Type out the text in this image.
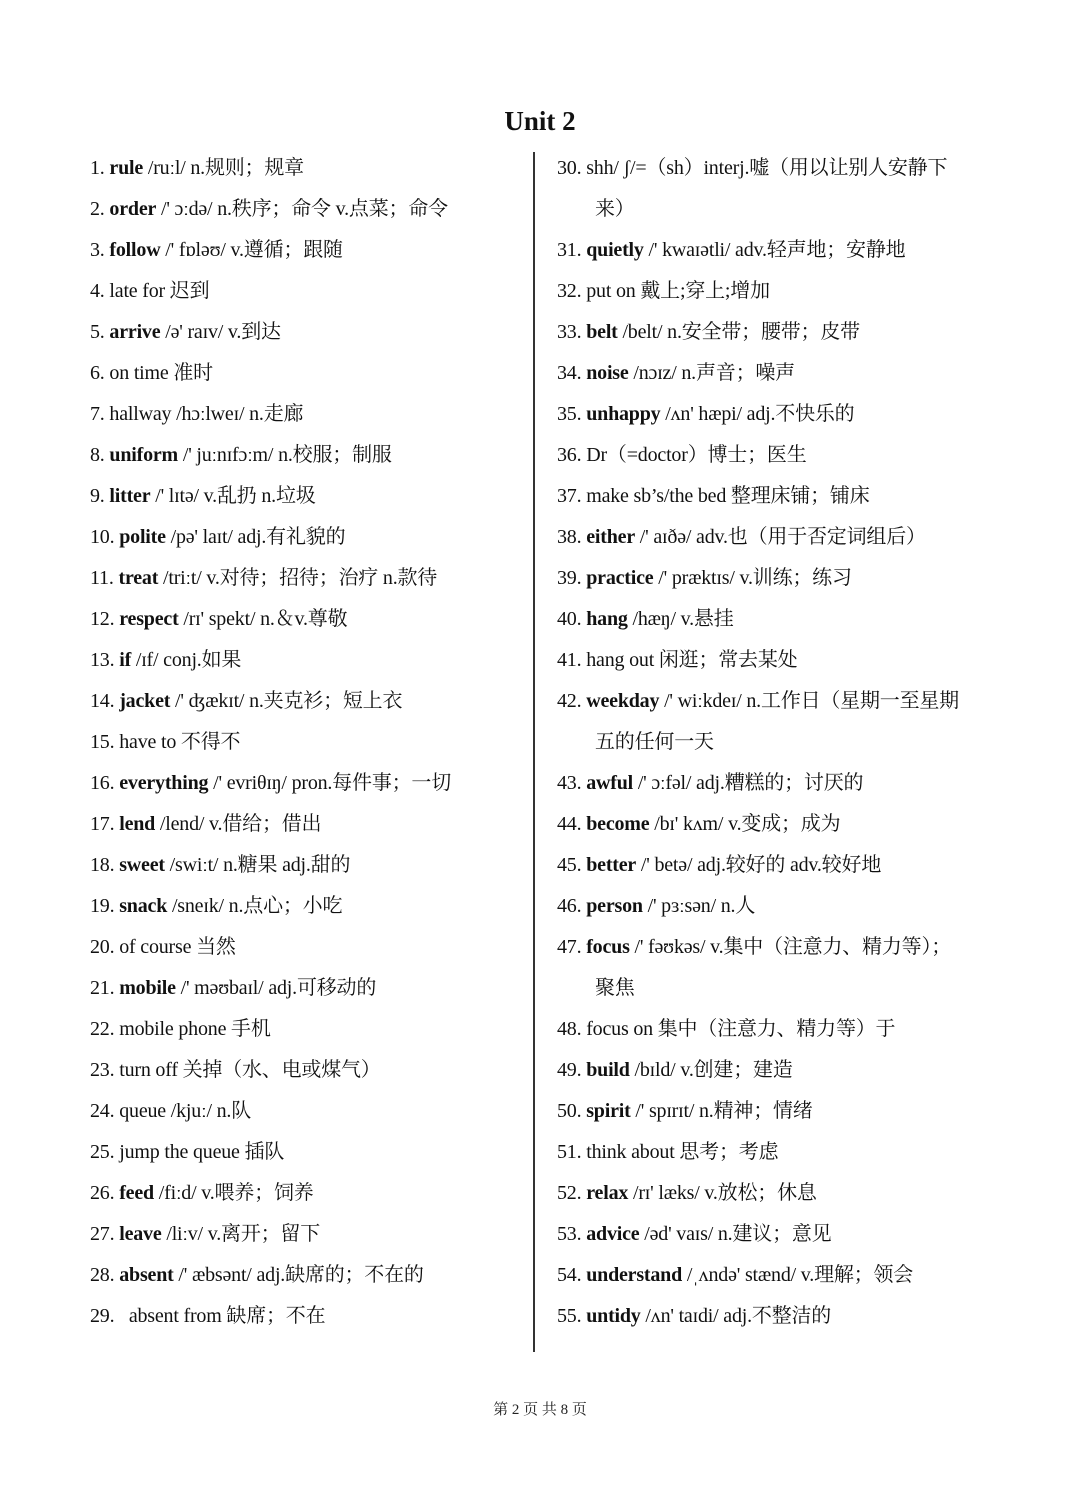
Unit 2
1. rule /ruːl/ n.规则；规章
2. order /' ɔːdə/ n.秩序；命令 v.点菜；命令
3. follow /' fɒləʊ/ v.遵循；跟随
4. late for 迟到
5. arrive /ə' raɪv/ v.到达
6. on time 准时
7. hallway /hɔːlweɪ/ n.走廊
8. uniform /' juːnɪfɔːm/ n.校服；制服
9. litter /' lɪtə/ v.乱扔 n.垃圾
10. polite /pə' laɪt/ adj.有礼貌的
11. treat /triːt/ v.对待；招待；治疗 n.款待
12. respect /rɪ' spekt/ n.＆v.尊敬
13. if /ɪf/ conj.如果
14. jacket /' ʤækɪt/ n.夹克衫；短上衣
15. have to 不得不
16. everything /' evriθɪŋ/ pron.每件事；一切
17. lend /lend/ v.借给；借出
18. sweet /swiːt/ n.糖果 adj.甜的
19. snack /sneɪk/ n.点心；小吃
20. of course 当然
21. mobile /' məʊbaɪl/ adj.可移动的
22. mobile phone 手机
23. turn off 关掉（水、电或煤气）
24. queue /kjuː/ n.队
25. jump the queue 插队
26. feed /fiːd/ v.喂养；饲养
27. leave /liːv/ v.离开；留下
28. absent /' æbsənt/ adj.缺席的；不在的
29.   absent from 缺席；不在
30. shh/ ʃ/=（sh）interj.嘘（用以让别人安静下
来）
31. quietly /' kwaɪətli/ adv.轻声地；安静地
32. put on 戴上;穿上;增加
33. belt /belt/ n.安全带；腰带；皮带
34. noise /nɔɪz/ n.声音；噪声
35. unhappy /ʌn' hæpi/ adj.不快乐的
36. Dr（=doctor）博士；医生
37. make sb’s/the bed 整理床铺；铺床
38. either /' aɪðə/ adv.也（用于否定词组后）
39. practice /' præktɪs/ v.训练；练习
40. hang /hæŋ/ v.悬挂
41. hang out 闲逛；常去某处
42. weekday /' wiːkdeɪ/ n.工作日（星期一至星期
五的任何一天
43. awful /' ɔːfəl/ adj.糟糕的；讨厌的
44. become /bɪ' kʌm/ v.变成；成为
45. better /' betə/ adj.较好的 adv.较好地
46. person /' pɜːsən/ n.人
47. focus /' fəʊkəs/ v.集中（注意力、精力等）；
聚焦
48. focus on 集中（注意力、精力等）于
49. build /bɪld/ v.创建；建造
50. spirit /' spɪrɪt/ n.精神；情绪
51. think about 思考；考虑
52. relax /rɪ' læks/ v.放松；休息
53. advice /əd' vaɪs/ n.建议；意见
54. understand /ˌʌndə' stænd/ v.理解；领会
55. untidy /ʌn' taɪdi/ adj.不整洁的
第 2 页 共 8 页
